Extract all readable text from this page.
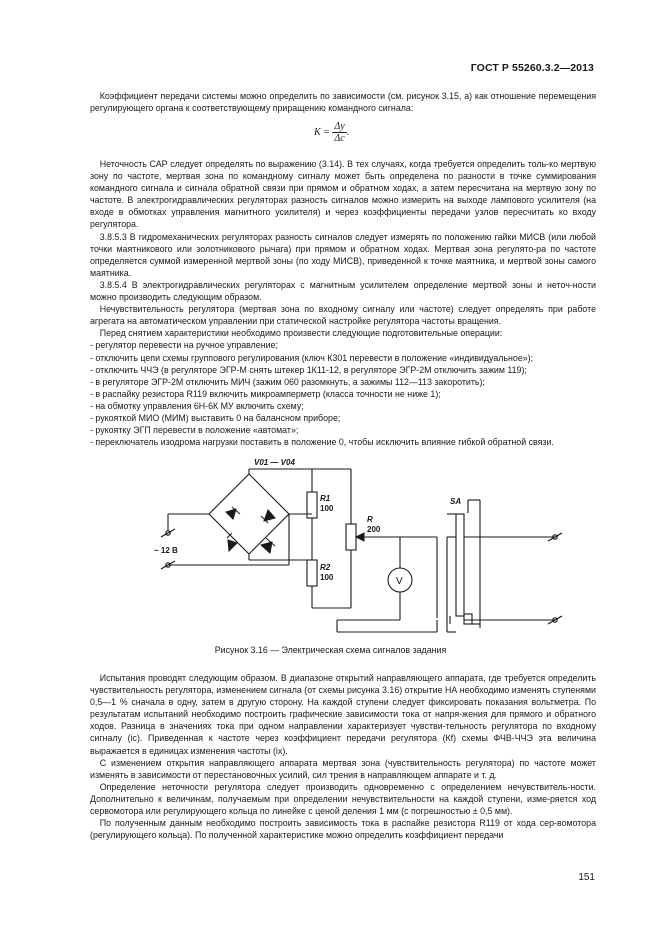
ГОСТ Р 55260.3.2—2013

Коэффициент передачи системы можно определить по зависимости (см. рисунок 3.15, а) как отношение перемещения регулирующего органа к соответствующему приращению командного сигнала:

$K = \frac{\Delta y}{\Delta c}$ .

Неточность САР следует определять по выражению (3.14). В тех случаях, когда требуется определить толь-ко мертвую зону по частоте, мертвая зона по командному сигналу может быть определена по разности в точке суммирования командного сигнала и сигнала обратной связи при прямом и обратном ходах, а затем пересчитана на мертвую зону по частоте. В электрогидравлических регуляторах разность сигналов можно измерить на выходе лампового усилителя (на входе в обмотках управления магнитного усилителя) и через коэффициенты передачи узлов пересчитать ко входу регулятора.

3.8.5.3 В гидромеханических регуляторах разность сигналов следует измерять по положению гайки МИСВ (или любой точки маятникового или золотникового рычага) при прямом и обратном ходах. Мертвая зона регулято-ра по частоте определяется суммой измеренной мертвой зоны (по ходу МИСВ), приведенной к точке маятника, и мертвой зоны самого маятника.

3.8.5.4 В электрогидравлических регуляторах с магнитным усилителем определение мертвой зоны и неточ-ности можно производить следующим образом.

Нечувствительность регулятора (мертвая зона по входному сигналу или частоте) следует определять при работе агрегата на автоматическом управлении при статической настройке регулятора частоты вращения.

Перед снятием характеристики необходимо произвести следующие подготовительные операции:

- регулятор перевести на ручное управление;

- отключить цепи схемы группового регулирования (ключ К301 перевести в положение «индивидуальное»);

- отключить ЧЧЭ (в регуляторе ЭГР-М снять штекер 1К11-12, в регуляторе ЭГР-2М отключить зажим 119);

- в регуляторе ЭГР-2М отключить МИЧ (зажим 060 разомкнуть, а зажимы 112—113 закоротить);

- в распайку резистора R119 включить микроамперметр (класса точности не ниже 1);

- на обмотку управления 6Н-6К МУ включить схему;

- рукояткой МИО (МИМ) выставить 0 на балансном приборе;

- рукоятку ЭГП перевести в положение «автомат»;

- переключатель изодрома нагрузки поставить в положение 0, чтобы исключить влияние гибкой обратной связи.

V01 — V04
R1
100
R2
100
R
200
~ 12 В
V
SA
Рисунок 3.16 — Электрическая схема сигналов задания

Испытания проводят следующим образом. В диапазоне открытий направляющего аппарата, где требуется определить чувствительность регулятора, изменением сигнала (от схемы рисунка 3.16) открытие НА необходимо изменять ступенями 0,5—1 % сначала в одну, затем в другую сторону. На каждой ступени следует фиксировать показания вольтметра. По результатам испытаний необходимо построить графические зависимости тока от напря-жения для прямого и обратного ходов. Разница в значениях тока при одном направлении характеризует чувстви-тельность регулятора по входному сигналу (iс). Приведенная к частоте через коэффициент передачи регулятора (Кf) схемы ФЧВ-ЧЧЭ эта величина выражается в единицах изменения частоты (ix).

С изменением открытия направляющего аппарата мертвая зона (чувствительность регулятора) по частоте может изменять в зависимости от перестановочных усилий, сил трения в направляющем аппарате и т. д.

Определение неточности регулятора следует производить одновременно с определением нечувствитель-ности. Дополнительно к величинам, получаемым при определении нечувствительности на каждой ступени, изме-ряется ход сервомотора или регулирующего кольца по линейке с ценой деления 1 мм (с погрешностью ± 0,5 мм).

По полученным данным необходимо построить зависимость тока в распайке резистора R119 от хода сер-вомотора (регулирующего кольца). По полученной характеристике можно определить коэффициент передачи

151
